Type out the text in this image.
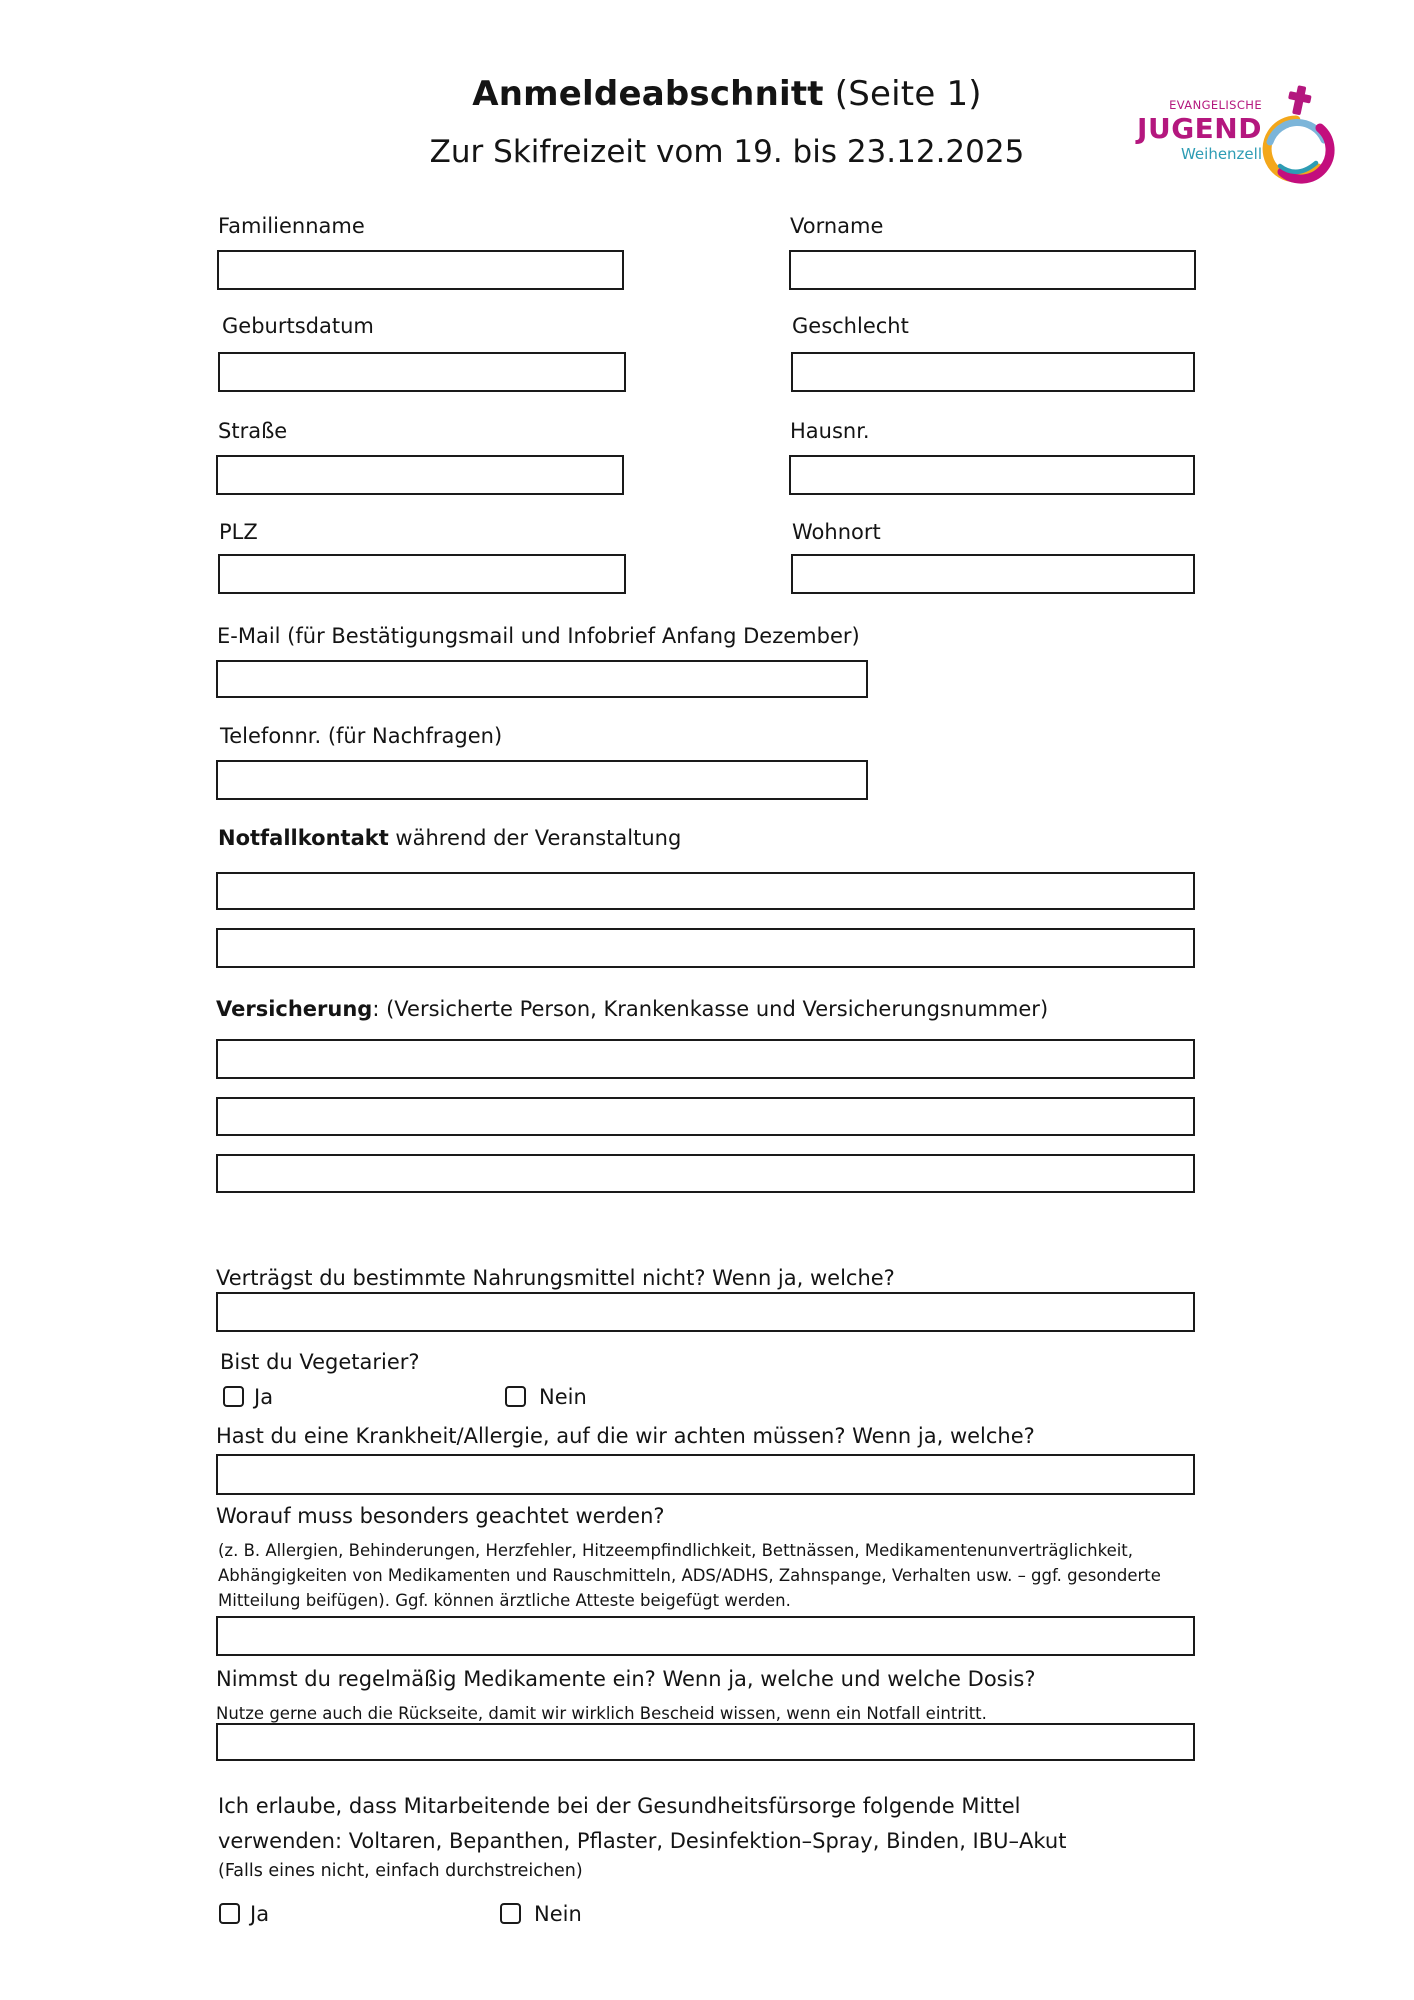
Anmeldeabschnitt (Seite 1)
Zur Skifreizeit vom 19. bis 23.12.2025
EVANGELISCHE
JUGEND
Weihenzell
Familienname	Vorname
Geburtsdatum	Geschlecht
Straße	Hausnr.
PLZ	Wohnort
E-Mail (für Bestätigungsmail und Infobrief Anfang Dezember)
Telefonnr. (für Nachfragen)
Notfallkontakt während der Veranstaltung
Versicherung: (Versicherte Person, Krankenkasse und Versicherungsnummer)
Verträgst du bestimmte Nahrungsmittel nicht? Wenn ja, welche?
Bist du Vegetarier?
Ja	Nein
Hast du eine Krankheit/Allergie, auf die wir achten müssen? Wenn ja, welche?
Worauf muss besonders geachtet werden?
(z. B. Allergien, Behinderungen, Herzfehler, Hitzeempfindlichkeit, Bettnässen, Medikamentenunverträglichkeit,
Abhängigkeiten von Medikamenten und Rauschmitteln, ADS/ADHS, Zahnspange, Verhalten usw. – ggf. gesonderte
Mitteilung beifügen). Ggf. können ärztliche Atteste beigefügt werden.
Nimmst du regelmäßig Medikamente ein? Wenn ja, welche und welche Dosis?
Nutze gerne auch die Rückseite, damit wir wirklich Bescheid wissen, wenn ein Notfall eintritt.
Ich erlaube, dass Mitarbeitende bei der Gesundheitsfürsorge folgende Mittel
verwenden: Voltaren, Bepanthen, Pflaster, Desinfektion–Spray, Binden, IBU–Akut
(Falls eines nicht, einfach durchstreichen)
Ja	Nein
